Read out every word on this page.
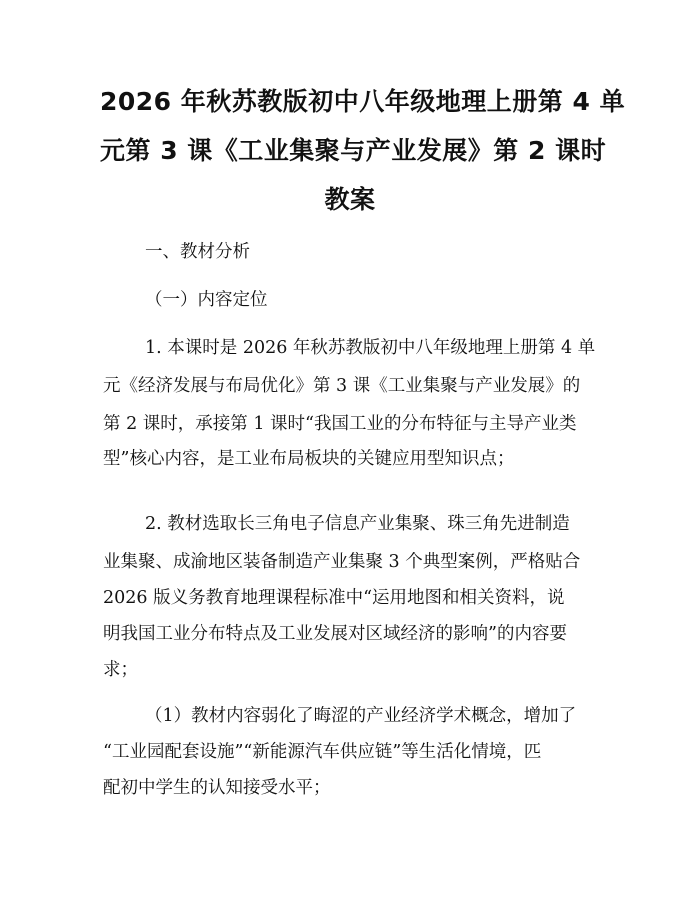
2026 年秋苏教版初中八年级地理上册第 4 单
元第 3 课《工业集聚与产业发展》第 2 课时
教案

一、教材分析

（一）内容定位

1. 本课时是 2026 年秋苏教版初中八年级地理上册第 4 单

元《经济发展与布局优化》第 3 课《工业集聚与产业发展》的

第 2 课时，承接第 1 课时“我国工业的分布特征与主导产业类

型”核心内容，是工业布局板块的关键应用型知识点；

2. 教材选取长三角电子信息产业集聚、珠三角先进制造

业集聚、成渝地区装备制造产业集聚 3 个典型案例，严格贴合

2026 版义务教育地理课程标准中“运用地图和相关资料，说

明我国工业分布特点及工业发展对区域经济的影响”的内容要

求；

（1）教材内容弱化了晦涩的产业经济学术概念，增加了

“工业园配套设施”“新能源汽车供应链”等生活化情境，匹

配初中学生的认知接受水平；
